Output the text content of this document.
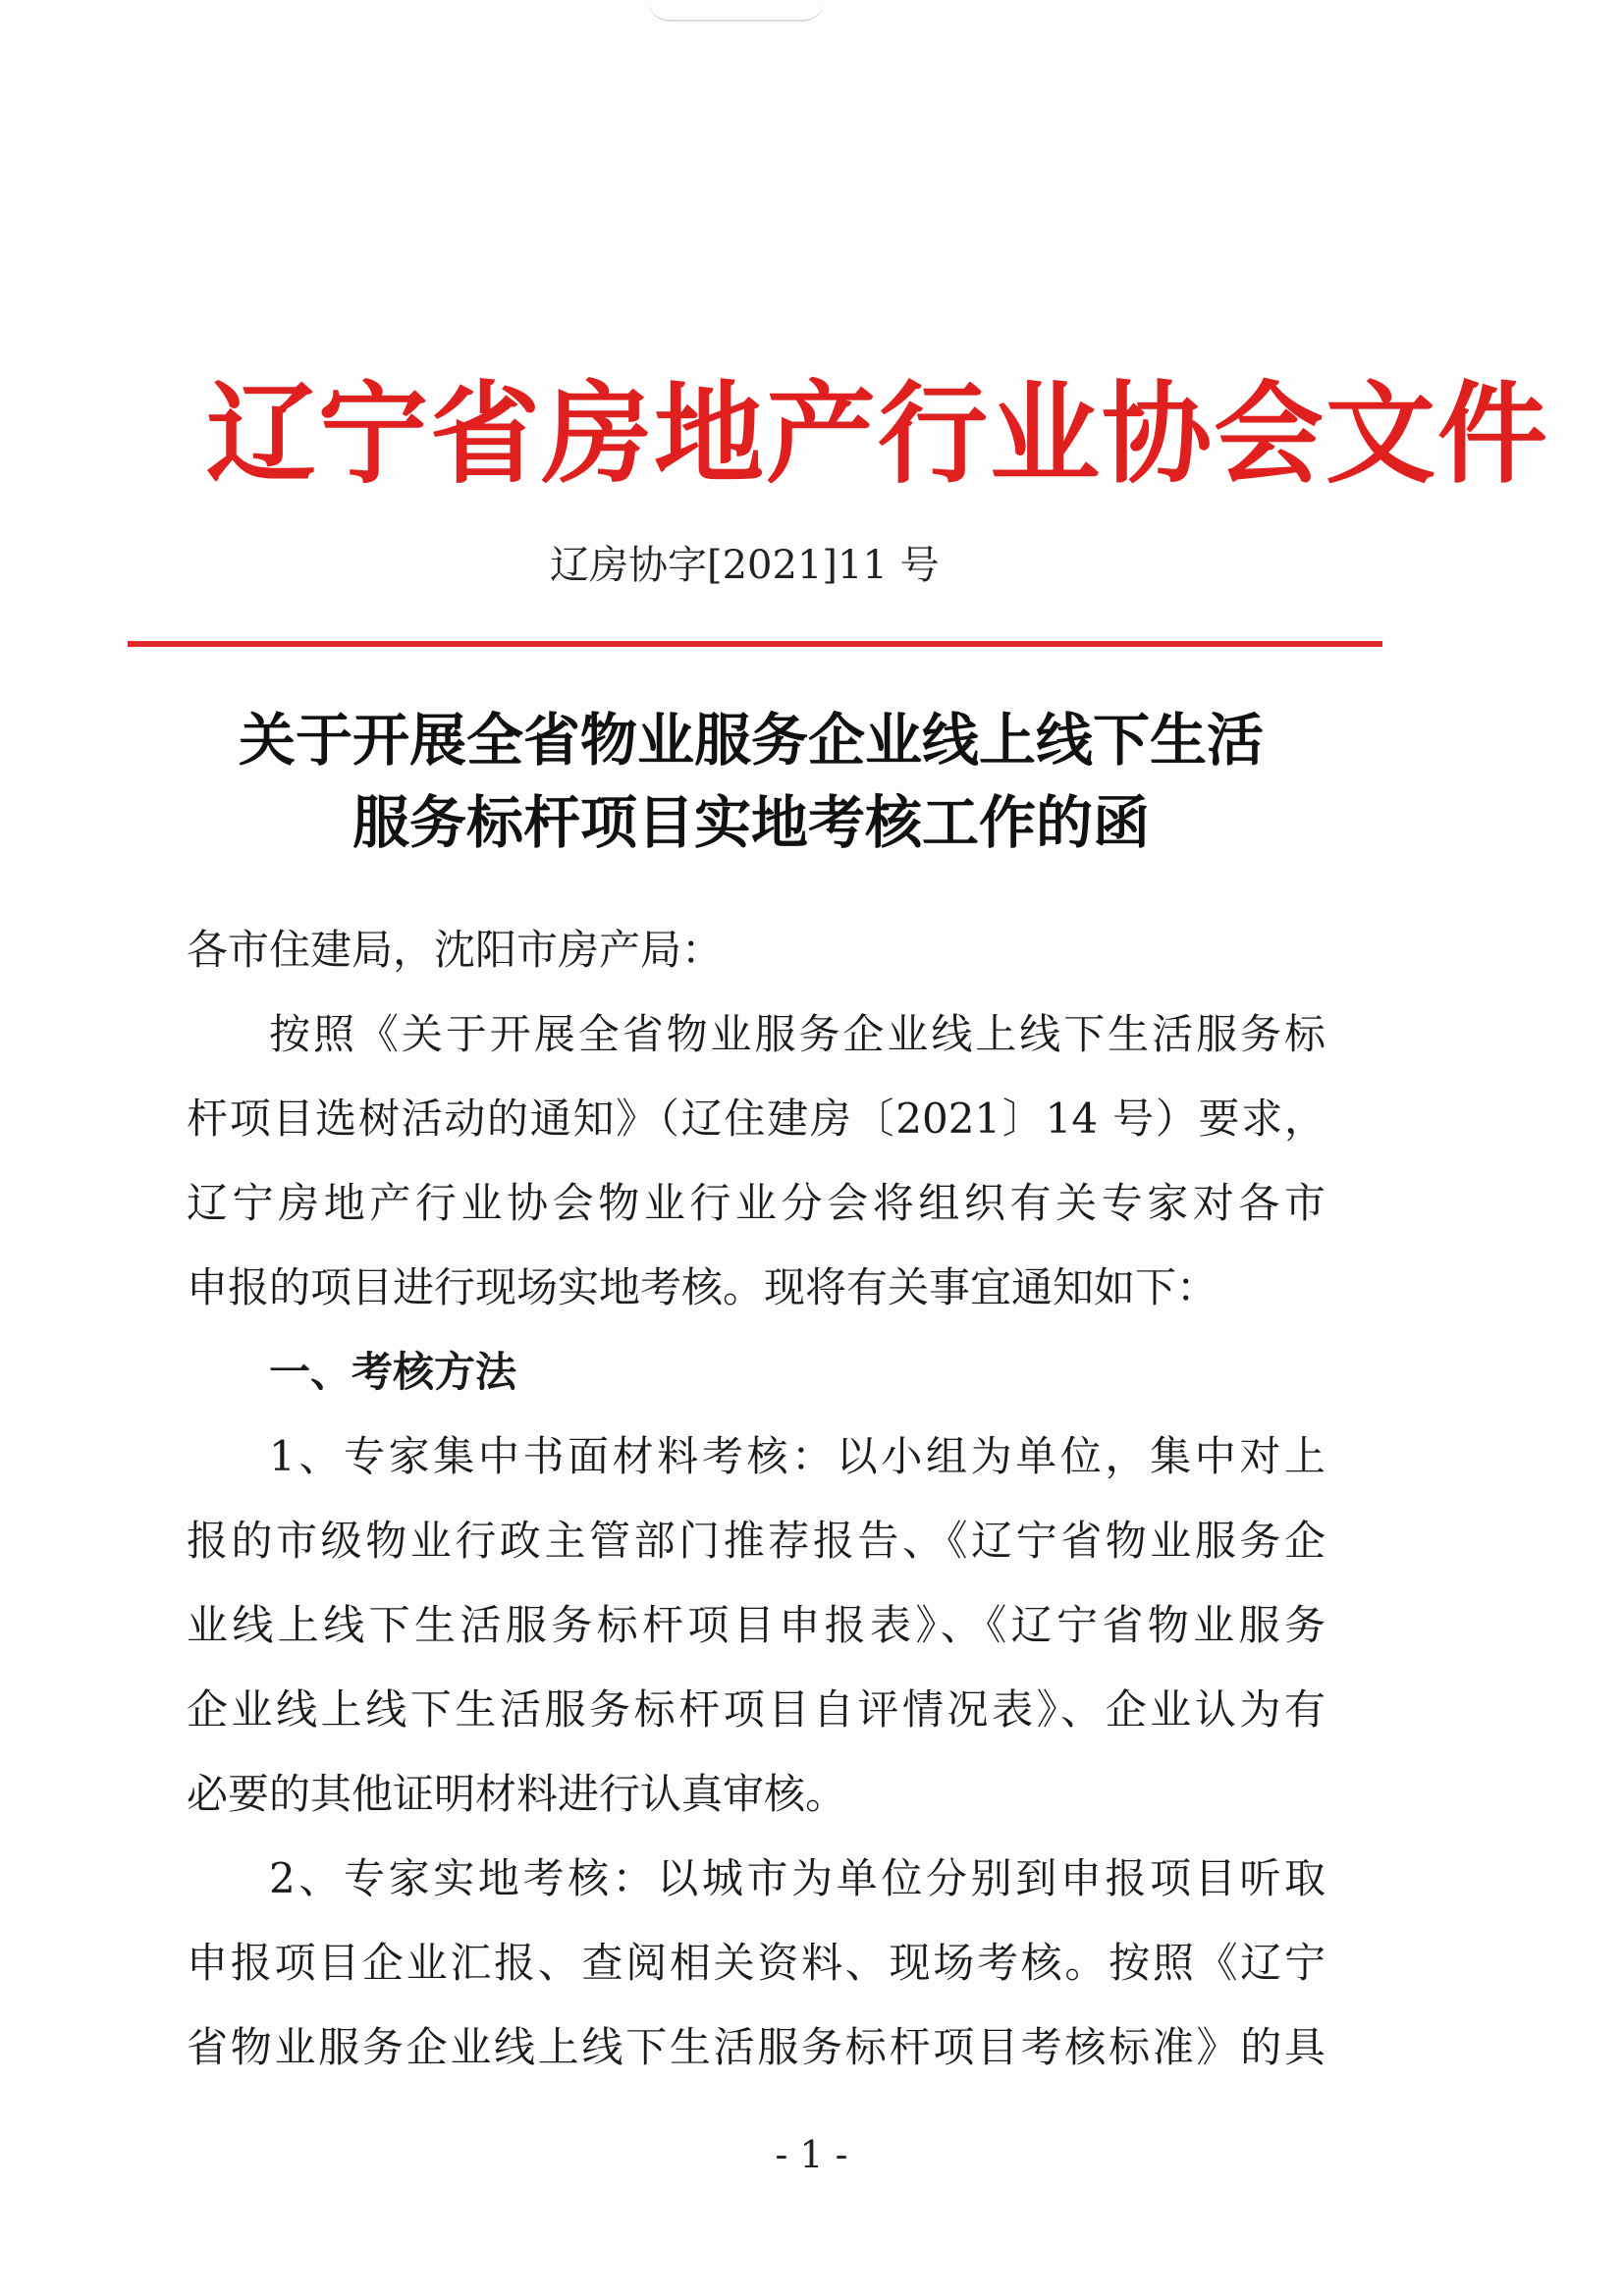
辽宁省房地产行业协会文件
辽房协字[2021]11 号
关于开展全省物业服务企业线上线下生活
服务标杆项目实地考核工作的函
各市住建局，沈阳市房产局：
按照《关于开展全省物业服务企业线上线下生活服务标
杆项目选树活动的通知》（辽住建房〔2021〕14 号）要求，
辽宁房地产行业协会物业行业分会将组织有关专家对各市
申报的项目进行现场实地考核。现将有关事宜通知如下：
一、考核方法
1、专家集中书面材料考核：以小组为单位，集中对上
报的市级物业行政主管部门推荐报告、《辽宁省物业服务企
业线上线下生活服务标杆项目申报表》、《辽宁省物业服务
企业线上线下生活服务标杆项目自评情况表》、企业认为有
必要的其他证明材料进行认真审核。
2、专家实地考核：以城市为单位分别到申报项目听取
申报项目企业汇报、查阅相关资料、现场考核。按照《辽宁
省物业服务企业线上线下生活服务标杆项目考核标准》的具
- 1 -
